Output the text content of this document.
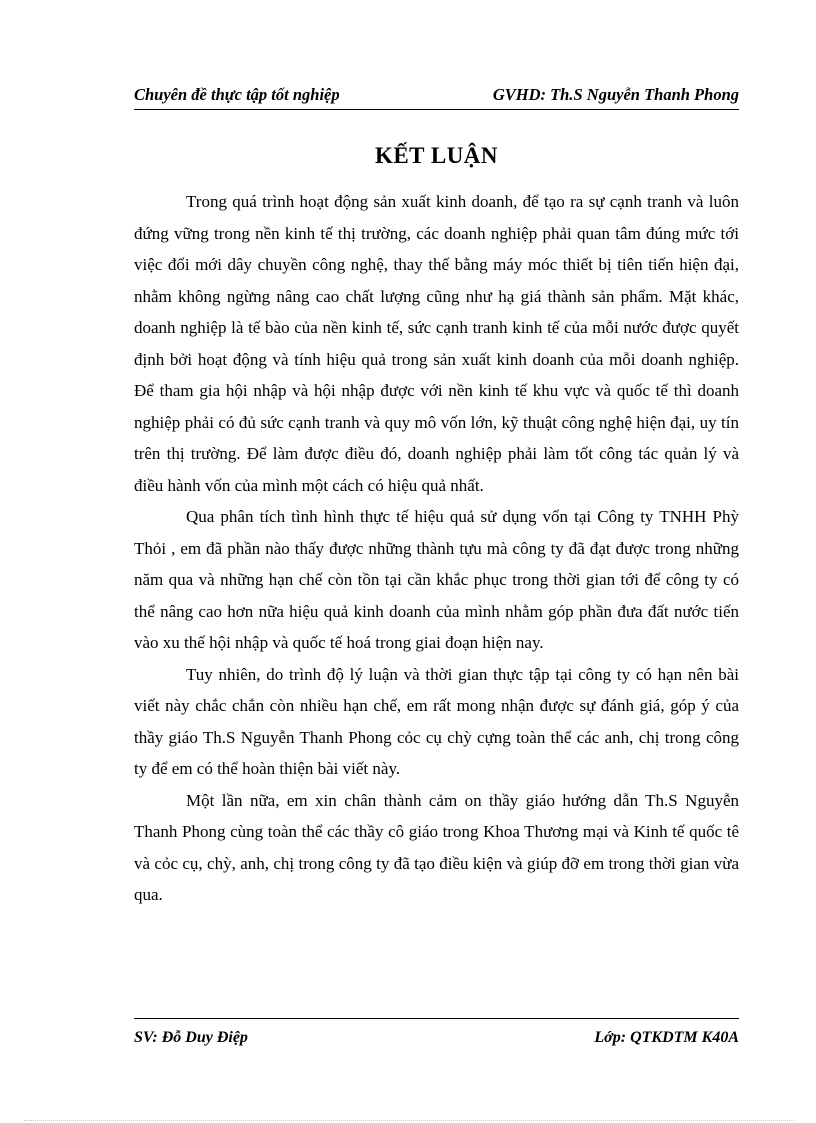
Chuyên đề thực tập tốt nghiệp	GVHD: Th.S Nguyễn Thanh Phong
KẾT LUẬN

Trong quá trình hoạt động sản xuất kinh doanh, để tạo ra sự cạnh tranh và luôn đứng vững trong nền kinh tế thị trường, các doanh nghiệp phải quan tâm đúng mức tới việc đổi mới dây chuyền công nghệ, thay thế bằng máy móc thiết bị tiên tiến hiện đại, nhằm không ngừng nâng cao chất lượng cũng như hạ giá thành sản phẩm. Mặt khác, doanh nghiệp là tế bào của nền kinh tế, sức cạnh tranh kinh tế của mỗi nước được quyết định bởi hoạt động và tính hiệu quả trong sản xuất kinh doanh của mỗi doanh nghiệp. Để tham gia hội nhập và hội nhập được với nền kinh tế khu vực và quốc tế thì doanh nghiệp phải có đủ sức cạnh tranh và quy mô vốn lớn, kỹ thuật công nghệ hiện đại, uy tín trên thị trường. Để làm được điều đó, doanh nghiệp phải làm tốt công tác quản lý và điều hành vốn của mình một cách có hiệu quả nhất.

Qua phân tích tình hình thực tế hiệu quả sử dụng vốn tại Công ty TNHH Phỳ Thỏi , em đã phần nào thấy được những thành tựu mà công ty đã đạt được trong những năm qua và những hạn chế còn tồn tại cần khắc phục trong thời gian tới để công ty có thể nâng cao hơn nữa hiệu quả kinh doanh của mình nhằm góp phần đưa đất nước tiến vào xu thế hội nhập và quốc tế hoá trong giai đoạn hiện nay.

Tuy nhiên, do trình độ lý luận và thời gian thực tập tại công ty có hạn nên bài viết này chắc chắn còn nhiều hạn chế, em rất mong nhận được sự đánh giá, góp ý của thầy giáo Th.S Nguyễn Thanh Phong cỏc cụ chỳ cựng toàn thể các anh, chị trong công ty để em có thể hoàn thiện bài viết này.

Một lần nữa, em xin chân thành cảm on thầy giáo hướng dẫn Th.S Nguyễn Thanh Phong cùng toàn thể các thầy cô giáo trong Khoa Thương mại và Kinh tế quốc tê và cỏc cụ, chỳ, anh, chị trong công ty đã tạo điều kiện và giúp đỡ em trong thời gian vừa qua.

SV: Đỗ Duy Điệp	Lớp: QTKDTM K40A
